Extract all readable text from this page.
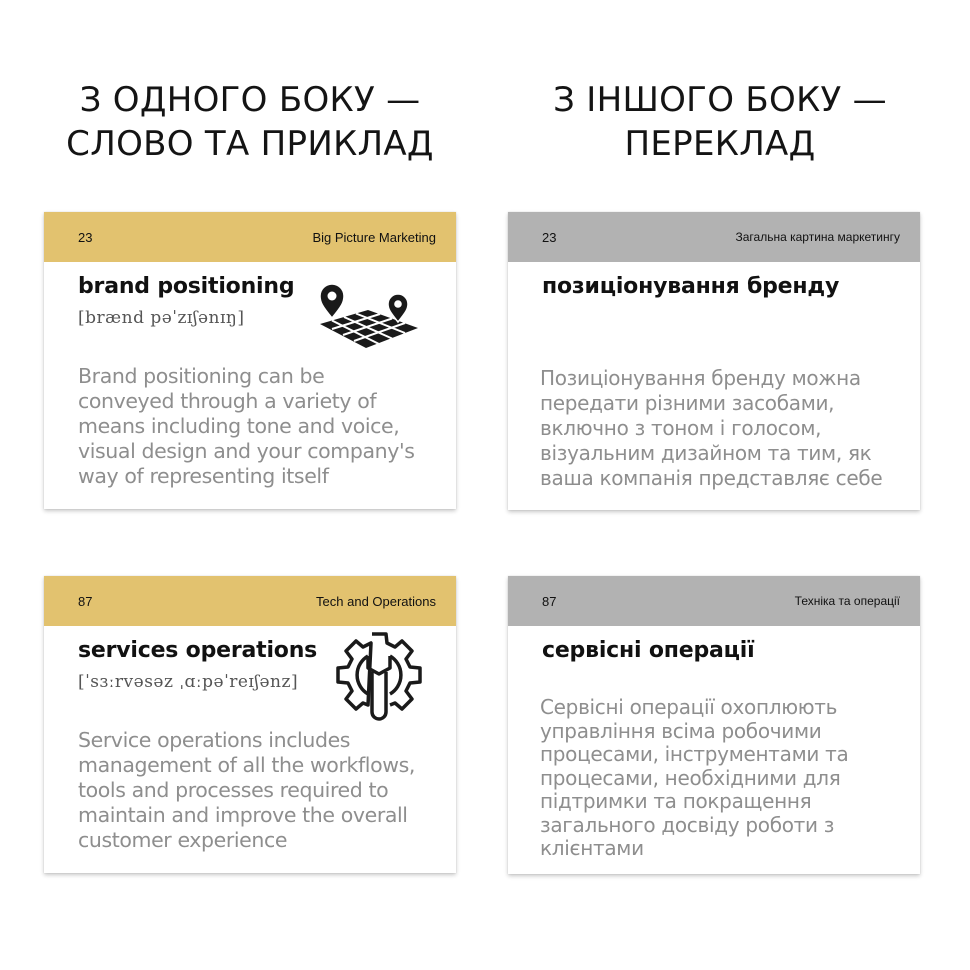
З ОДНОГО БОКУ —
СЛОВО ТА ПРИКЛАД
З ІНШОГО БОКУ —
ПЕРЕКЛАД
23	Big Picture Marketing
brand positioning
[brænd pəˈzɪʃənɪŋ]
Brand positioning can be
conveyed through a variety of
means including tone and voice,
visual design and your company's
way of representing itself
23	Загальна картина маркетингу
позиціонування бренду
Позиціонування бренду можна
передати різними засобами,
включно з тоном і голосом,
візуальним дизайном та тим, як
ваша компанія представляє себе
87	Tech and Operations
services operations
[ˈsɜːrvəsəz ˌɑːpəˈreɪʃənz]
Service operations includes
management of all the workflows,
tools and processes required to
maintain and improve the overall
customer experience
87	Техніка та операції
сервісні операції
Сервісні операції охоплюють
управління всіма робочими
процесами, інструментами та
процесами, необхідними для
підтримки та покращення
загального досвіду роботи з
клієнтами
